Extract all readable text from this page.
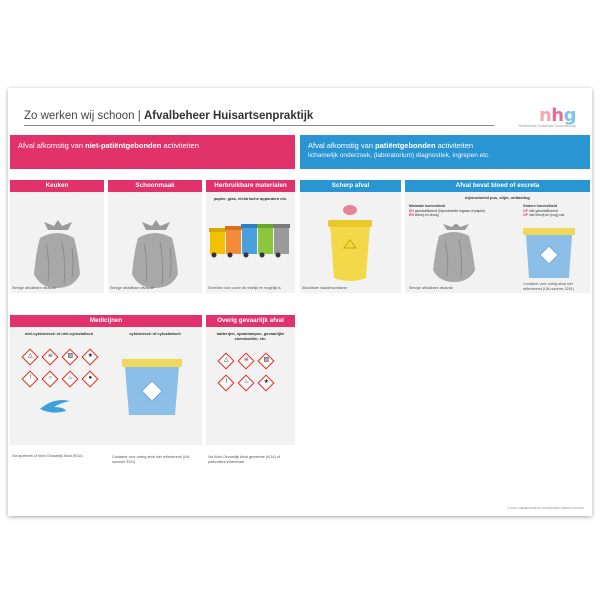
Zo werken wij schoon | Afvalbeheer Huisartsenpraktijk	nhg
Nederlands Huisartsen Genootschap
Afval afkomstig van niet-patiëntgebonden activiteiten	Afval afkomstig van patiëntgebonden activiteiten
lichamelijk onderzoek, (laboratorium) diagnostiek, ingrepen etc.
Keuken
Stevige afsluitbare afvalzak
Schoonmaak
Stevige afsluitbare afvalzak
Herbruikbare materialen
papier, glas, elektrische apparaten etc.
Scheiden voor zover dit redelijk en mogelijk is
Scherp afval
Afsluitbare naaldencontainer
Afval bevat bloed of excreta
bijvoorbeeld pus, slijm, ontlasting
Minimale hoeveelheid
EN gesolidificeerd (bijvoorbeeld ingaas of papier)
EN lekvrij en droog
Grotere hoeveelheid
OF niet gesolidificeerd
OF niet lekvrij en (nog) nat
Stevige afsluitbare afvalzak
Container voor overig afval niet reflecterend (UN-nummer 3291)
Medicijnen
niet-cytotoxisch of niet-cytostatisch	cytotoxisch of cytostatisch
△	☠	▨	★
!	○	♨	●
Via apotheek of Klein Gevaarlijk Afval (KGA)	Container voor overig afval niet reflecterend (UN-nummer 3291)
Overig gevaarlijk afval
batterijen, spaarlampen, gevaarlijke chemicaliën, etc.
△	☠	▨
!	♨	★
Via Klein Gevaarlijk Afval gemeente (KGA) of particuliere inzamelaar
© NHG | NEDERLANDS HUISARTSEN GENOOTSCHAP
